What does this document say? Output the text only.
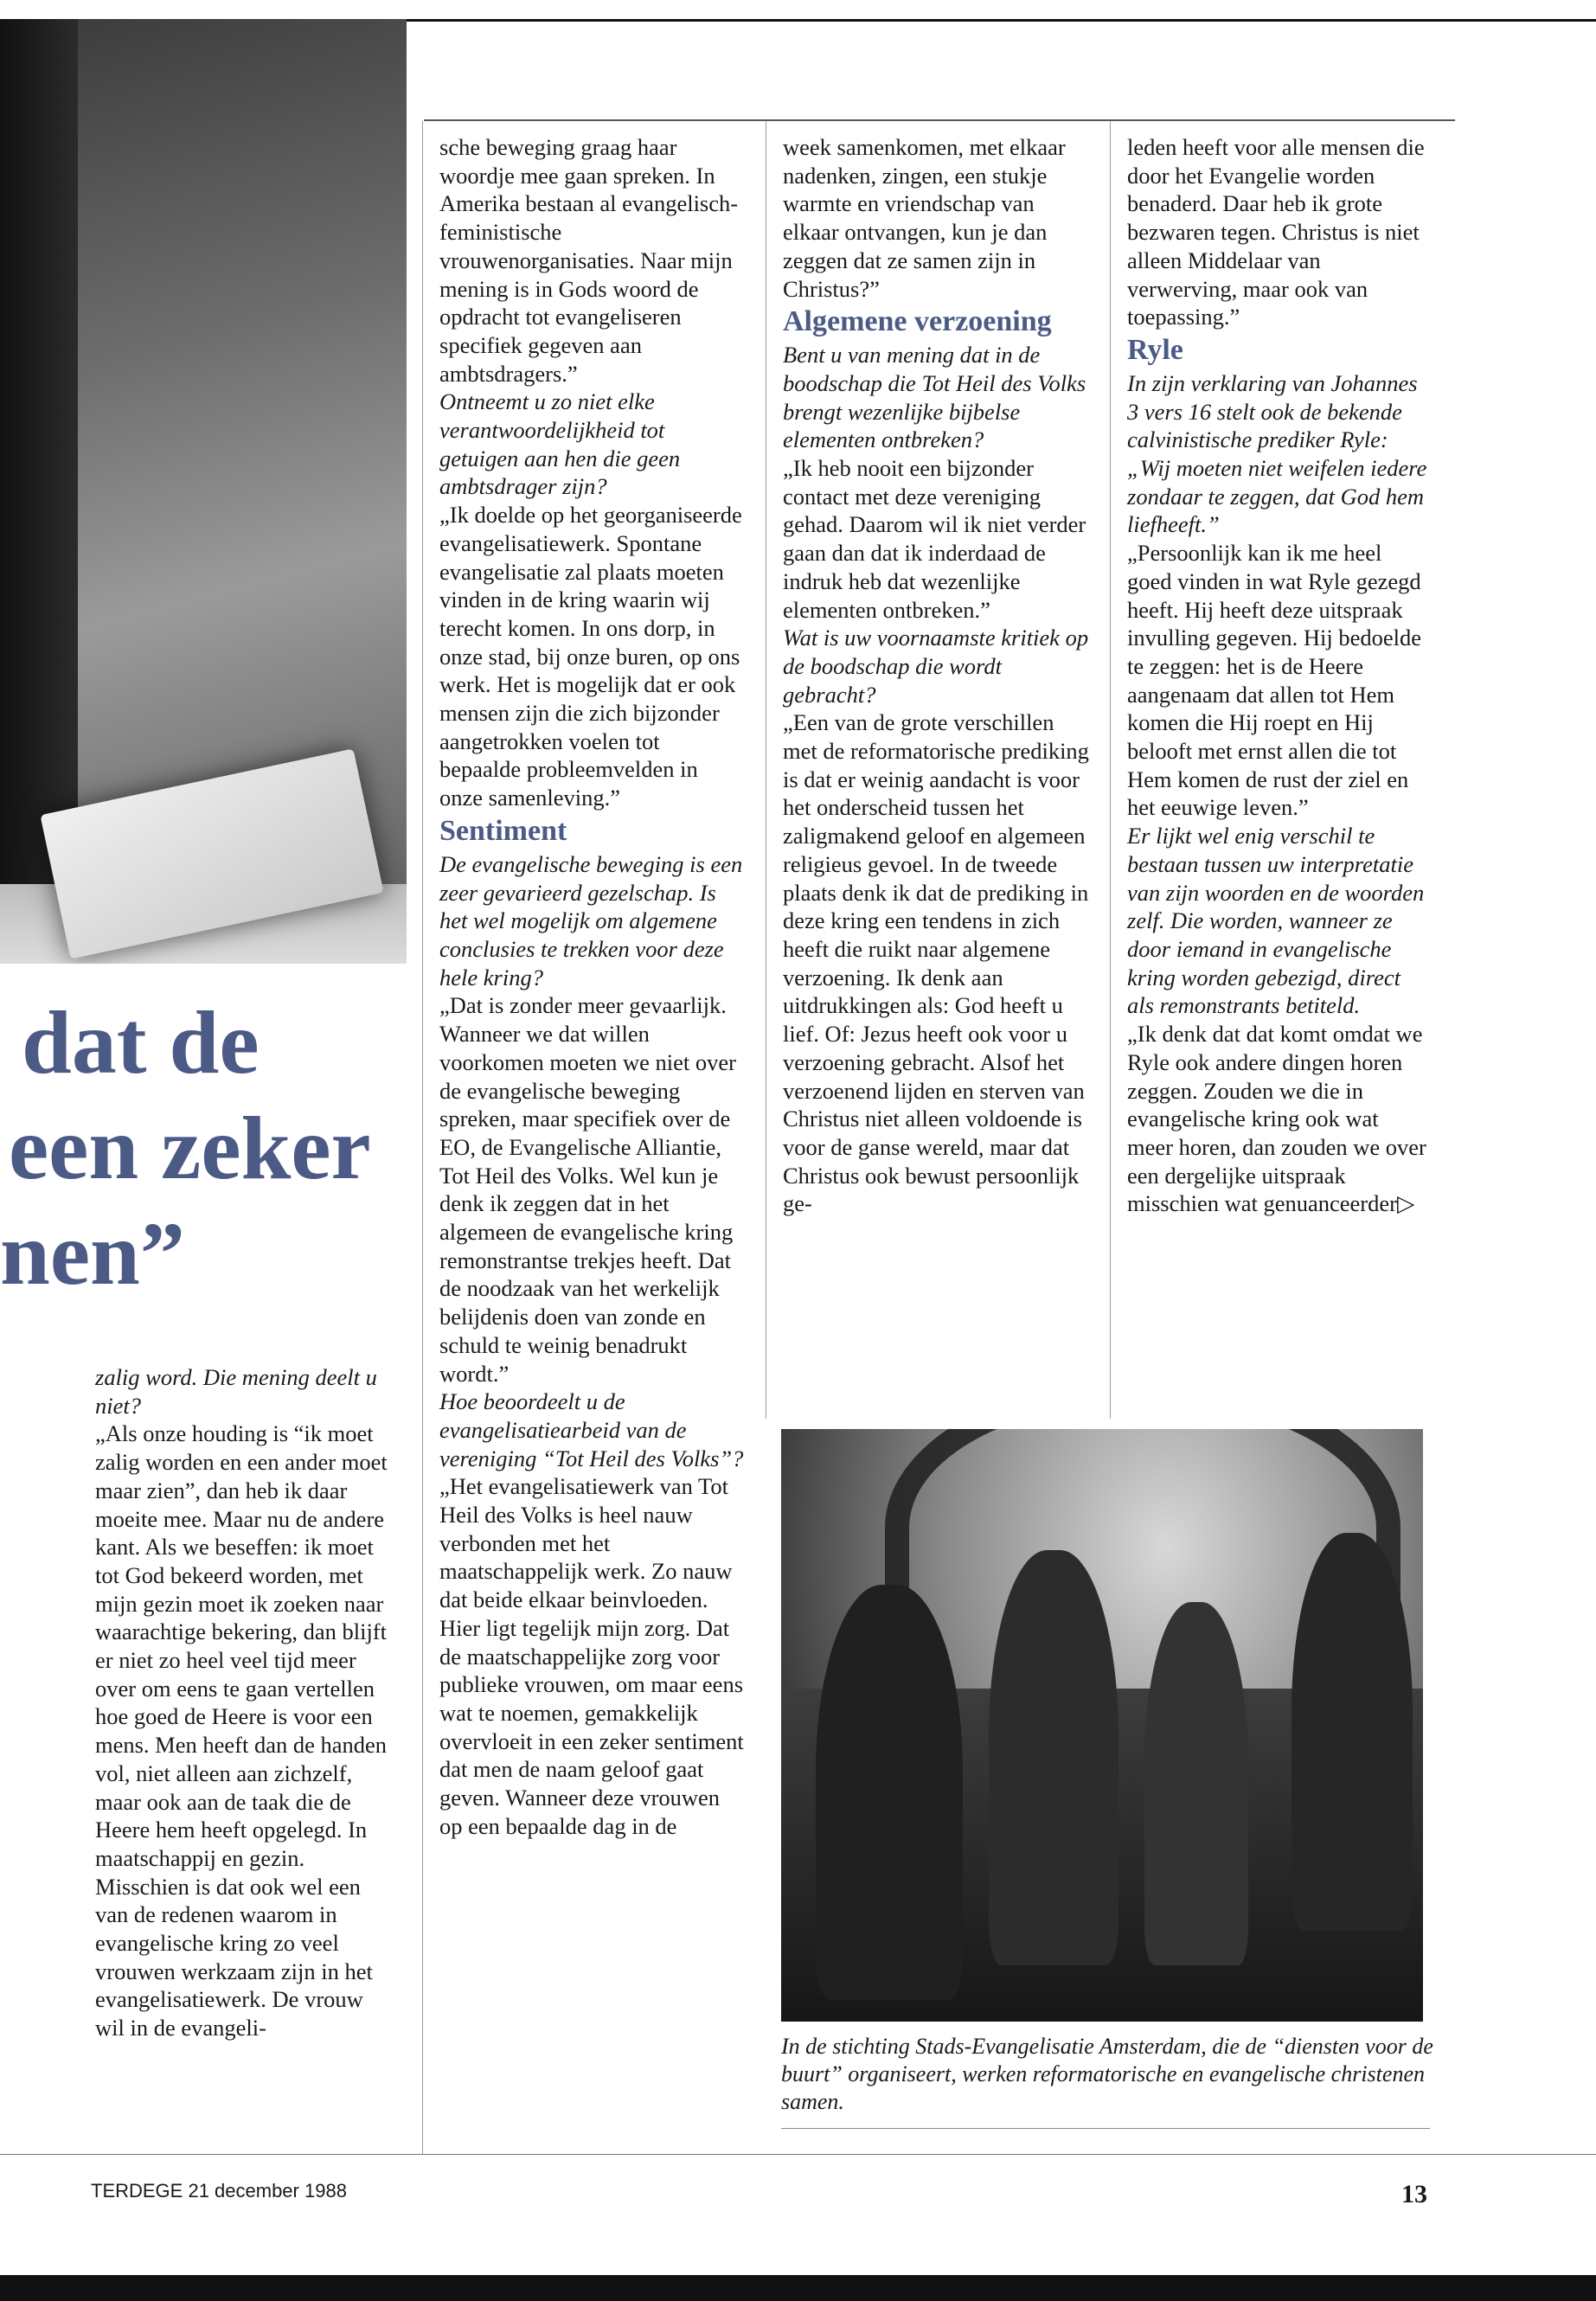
dat de
een zeker
nen”

zalig word. Die mening deelt u niet?

„Als onze houding is “ik moet zalig worden en een ander moet maar zien”, dan heb ik daar moeite mee. Maar nu de andere kant. Als we beseffen: ik moet tot God bekeerd worden, met mijn gezin moet ik zoeken naar waarachtige bekering, dan blijft er niet zo heel veel tijd meer over om eens te gaan vertellen hoe goed de Heere is voor een mens. Men heeft dan de handen vol, niet alleen aan zichzelf, maar ook aan de taak die de Heere hem heeft opgelegd. In maatschappij en gezin. Misschien is dat ook wel een van de redenen waarom in evangelische kring zo veel vrouwen werkzaam zijn in het evangelisatiewerk. De vrouw wil in de evangeli-

sche beweging graag haar woordje mee gaan spreken. In Amerika bestaan al evangelisch-feministische vrouwenorganisaties. Naar mijn mening is in Gods woord de opdracht tot evangeliseren specifiek gegeven aan ambtsdragers.”

Ontneemt u zo niet elke verantwoordelijkheid tot getuigen aan hen die geen ambtsdrager zijn?

„Ik doelde op het georganiseerde evangelisatiewerk. Spontane evangelisatie zal plaats moeten vinden in de kring waarin wij terecht komen. In ons dorp, in onze stad, bij onze buren, op ons werk. Het is mogelijk dat er ook mensen zijn die zich bijzonder aangetrokken voelen tot bepaalde probleemvelden in onze samenleving.”

Sentiment

De evangelische beweging is een zeer gevarieerd gezelschap. Is het wel mogelijk om algemene conclusies te trekken voor deze hele kring?

„Dat is zonder meer gevaarlijk. Wanneer we dat willen voorkomen moeten we niet over de evangelische beweging spreken, maar specifiek over de EO, de Evangelische Alliantie, Tot Heil des Volks. Wel kun je denk ik zeggen dat in het algemeen de evangelische kring remonstrantse trekjes heeft. Dat de noodzaak van het werkelijk belijdenis doen van zonde en schuld te weinig benadrukt wordt.”

Hoe beoordeelt u de evangelisatiearbeid van de vereniging “Tot Heil des Volks”?

„Het evangelisatiewerk van Tot Heil des Volks is heel nauw verbonden met het maatschappelijk werk. Zo nauw dat beide elkaar beinvloeden. Hier ligt tegelijk mijn zorg. Dat de maatschappelijke zorg voor publieke vrouwen, om maar eens wat te noemen, gemakkelijk overvloeit in een zeker sentiment dat men de naam geloof gaat geven. Wanneer deze vrouwen op een bepaalde dag in de

week samenkomen, met elkaar nadenken, zingen, een stukje warmte en vriendschap van elkaar ontvangen, kun je dan zeggen dat ze samen zijn in Christus?”

Algemene verzoening

Bent u van mening dat in de boodschap die Tot Heil des Volks brengt wezenlijke bijbelse elementen ontbreken?

„Ik heb nooit een bijzonder contact met deze vereniging gehad. Daarom wil ik niet verder gaan dan dat ik inderdaad de indruk heb dat wezenlijke elementen ontbreken.”

Wat is uw voornaamste kritiek op de boodschap die wordt gebracht?

„Een van de grote verschillen met de reformatorische prediking is dat er weinig aandacht is voor het onderscheid tussen het zaligmakend geloof en algemeen religieus gevoel. In de tweede plaats denk ik dat de prediking in deze kring een tendens in zich heeft die ruikt naar algemene verzoening. Ik denk aan uitdrukkingen als: God heeft u lief. Of: Jezus heeft ook voor u verzoening gebracht. Alsof het verzoenend lijden en sterven van Christus niet alleen voldoende is voor de ganse wereld, maar dat Christus ook bewust persoonlijk ge-

leden heeft voor alle mensen die door het Evangelie worden benaderd. Daar heb ik grote bezwaren tegen. Christus is niet alleen Middelaar van verwerving, maar ook van toepassing.”

Ryle

In zijn verklaring van Johannes 3 vers 16 stelt ook de bekende calvinistische prediker Ryle: „Wij moeten niet weifelen iedere zondaar te zeggen, dat God hem liefheeft.”

„Persoonlijk kan ik me heel goed vinden in wat Ryle gezegd heeft. Hij heeft deze uitspraak invulling gegeven. Hij bedoelde te zeggen: het is de Heere aangenaam dat allen tot Hem komen die Hij roept en Hij belooft met ernst allen die tot Hem komen de rust der ziel en het eeuwige leven.”

Er lijkt wel enig verschil te bestaan tussen uw interpretatie van zijn woorden en de woorden zelf. Die worden, wanneer ze door iemand in evangelische kring worden gebezigd, direct als remonstrants betiteld.

„Ik denk dat dat komt omdat we Ryle ook andere dingen horen zeggen. Zouden we die in evangelische kring ook wat meer horen, dan zouden we over een dergelijke uitspraak misschien wat genuanceerder▷

In de stichting Stads-Evangelisatie Amsterdam, die de “diensten voor de buurt” organiseert, werken reformatorische en evangelische christenen samen.

TERDEGE 21 december 1988	13
